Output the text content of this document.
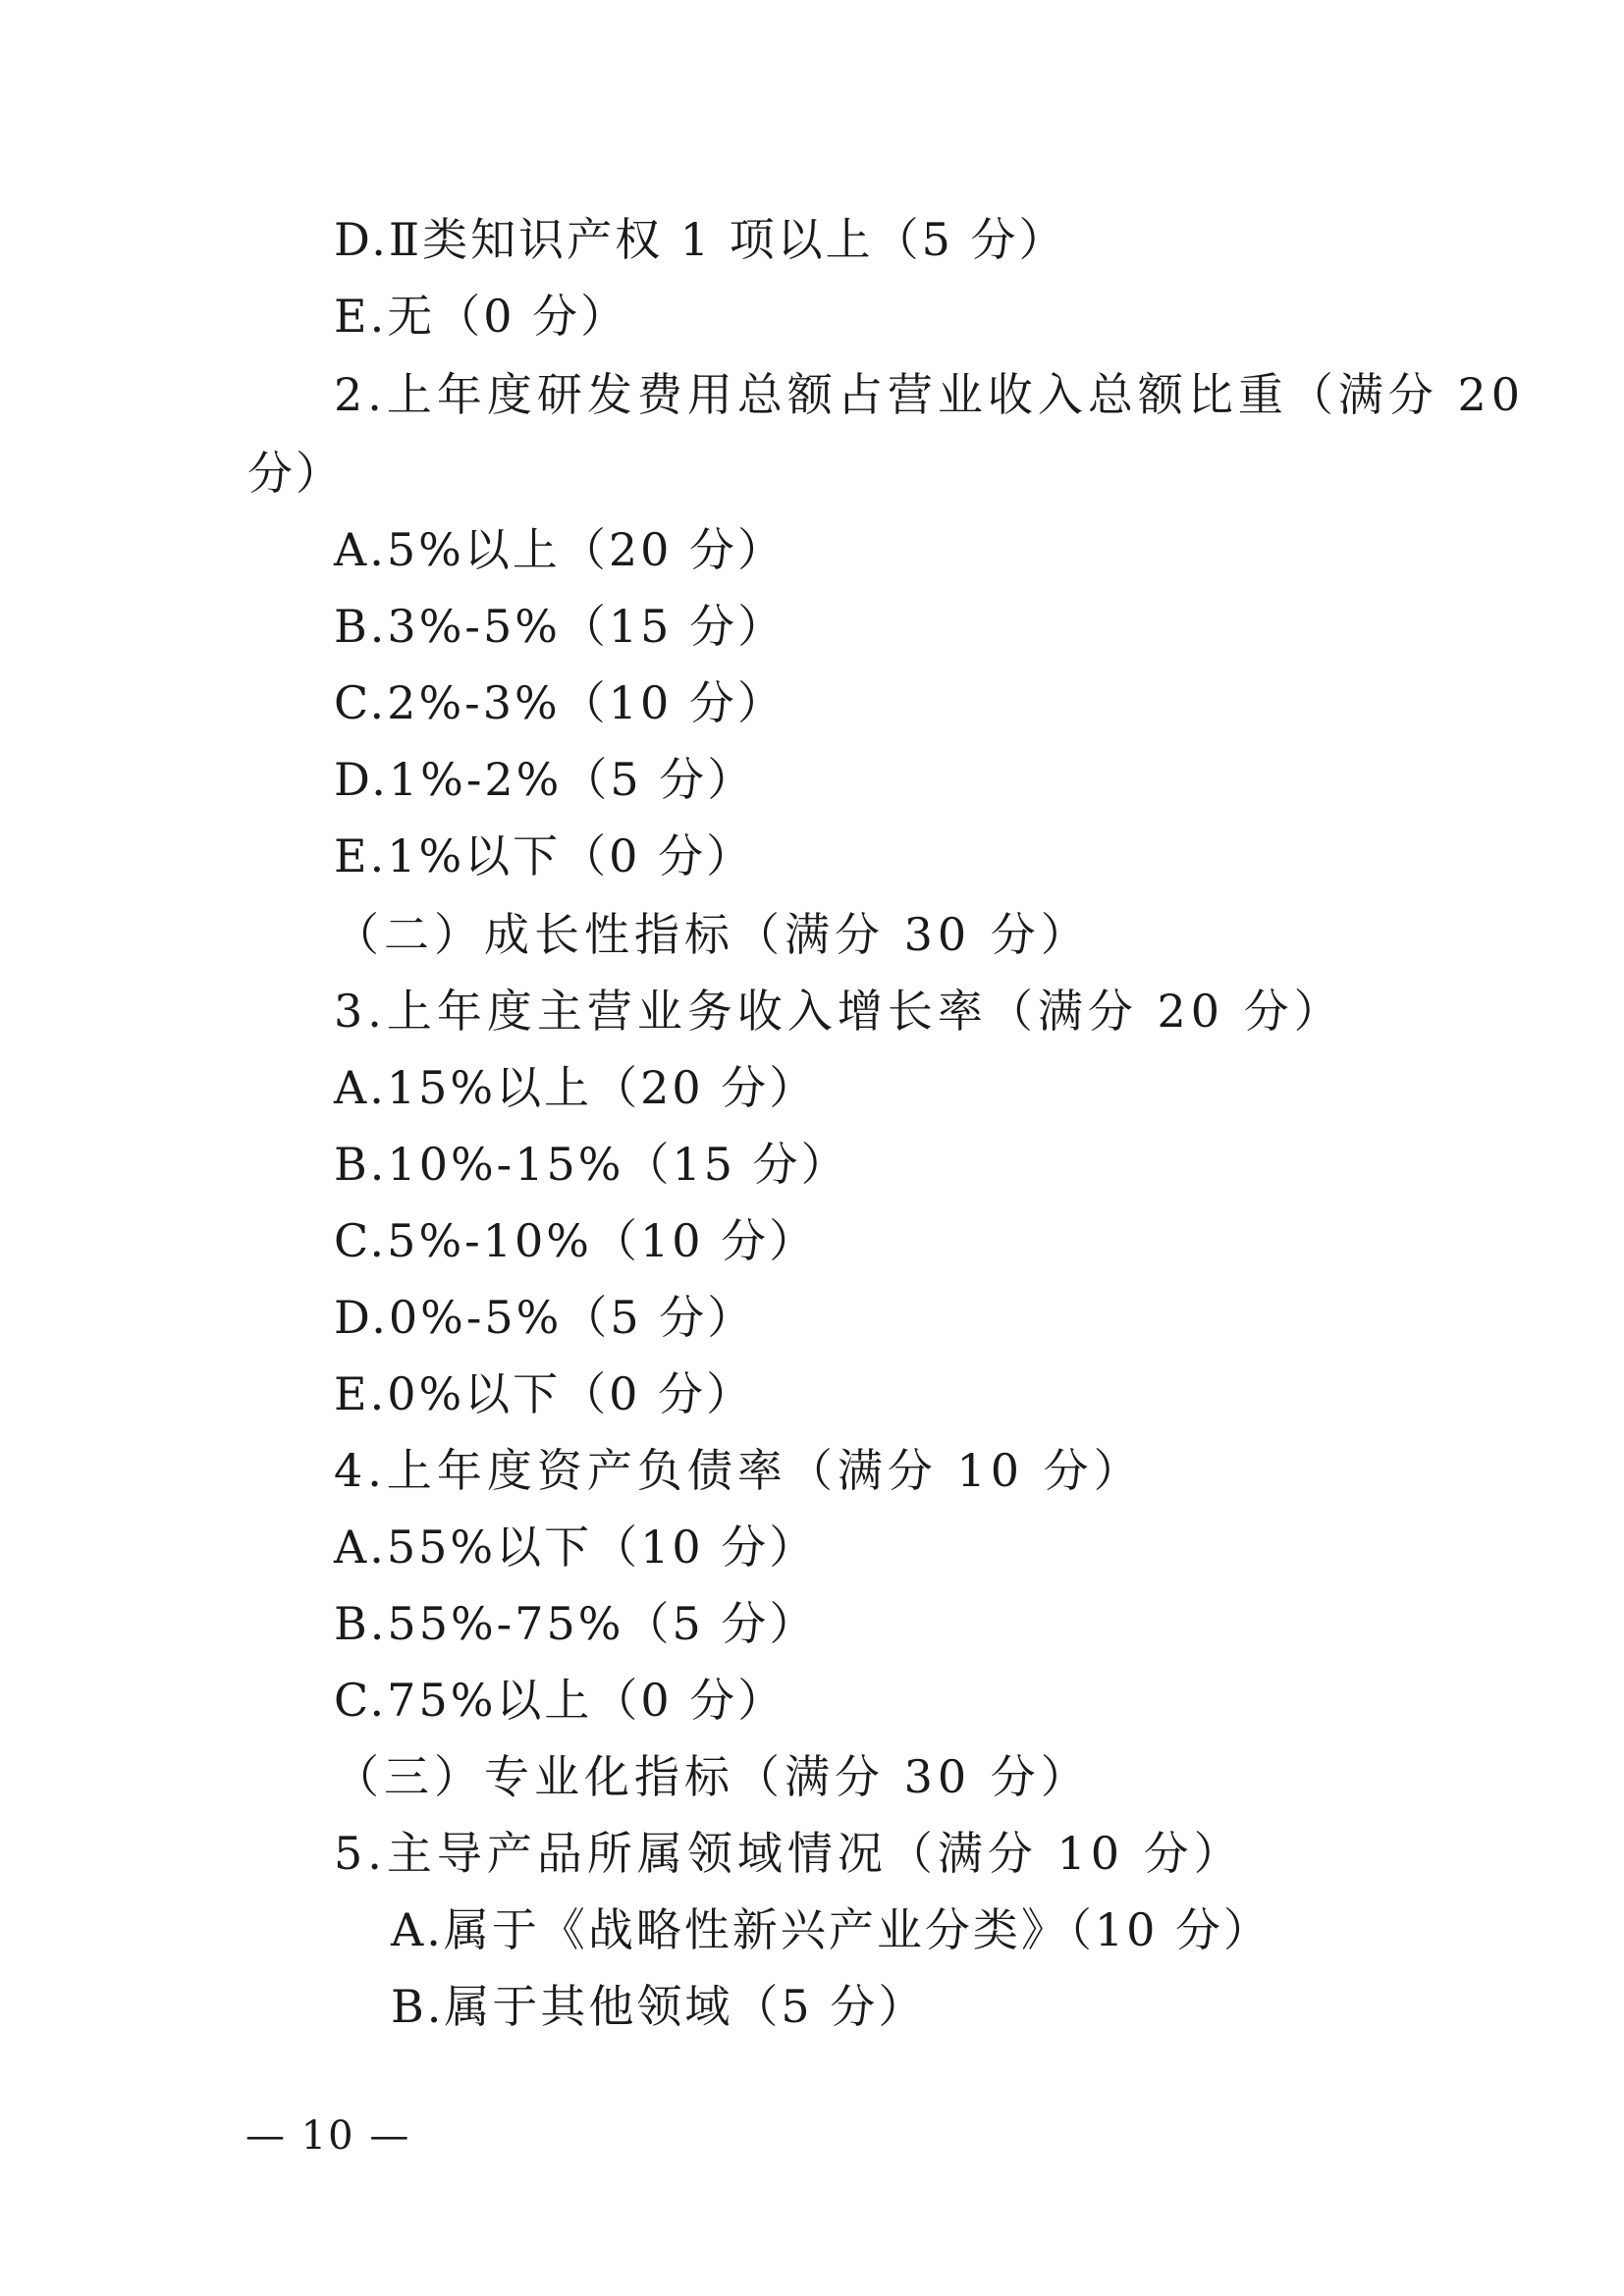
D.Ⅱ类知识产权 1 项以上（5 分）
E.无（0 分）
2.上年度研发费用总额占营业收入总额比重（满分 20
分）
A.5%以上（20 分）
B.3%-5%（15 分）
C.2%-3%（10 分）
D.1%-2%（5 分）
E.1%以下（0 分）
（二）成长性指标（满分 30 分）
3.上年度主营业务收入增长率（满分 20 分）
A.15%以上（20 分）
B.10%-15%（15 分）
C.5%-10%（10 分）
D.0%-5%（5 分）
E.0%以下（0 分）
4.上年度资产负债率（满分 10 分）
A.55%以下（10 分）
B.55%-75%（5 分）
C.75%以上（0 分）
（三）专业化指标（满分 30 分）
5.主导产品所属领域情况（满分 10 分）
A.属于《战略性新兴产业分类》（10 分）
B.属于其他领域（5 分）
— 10 —
